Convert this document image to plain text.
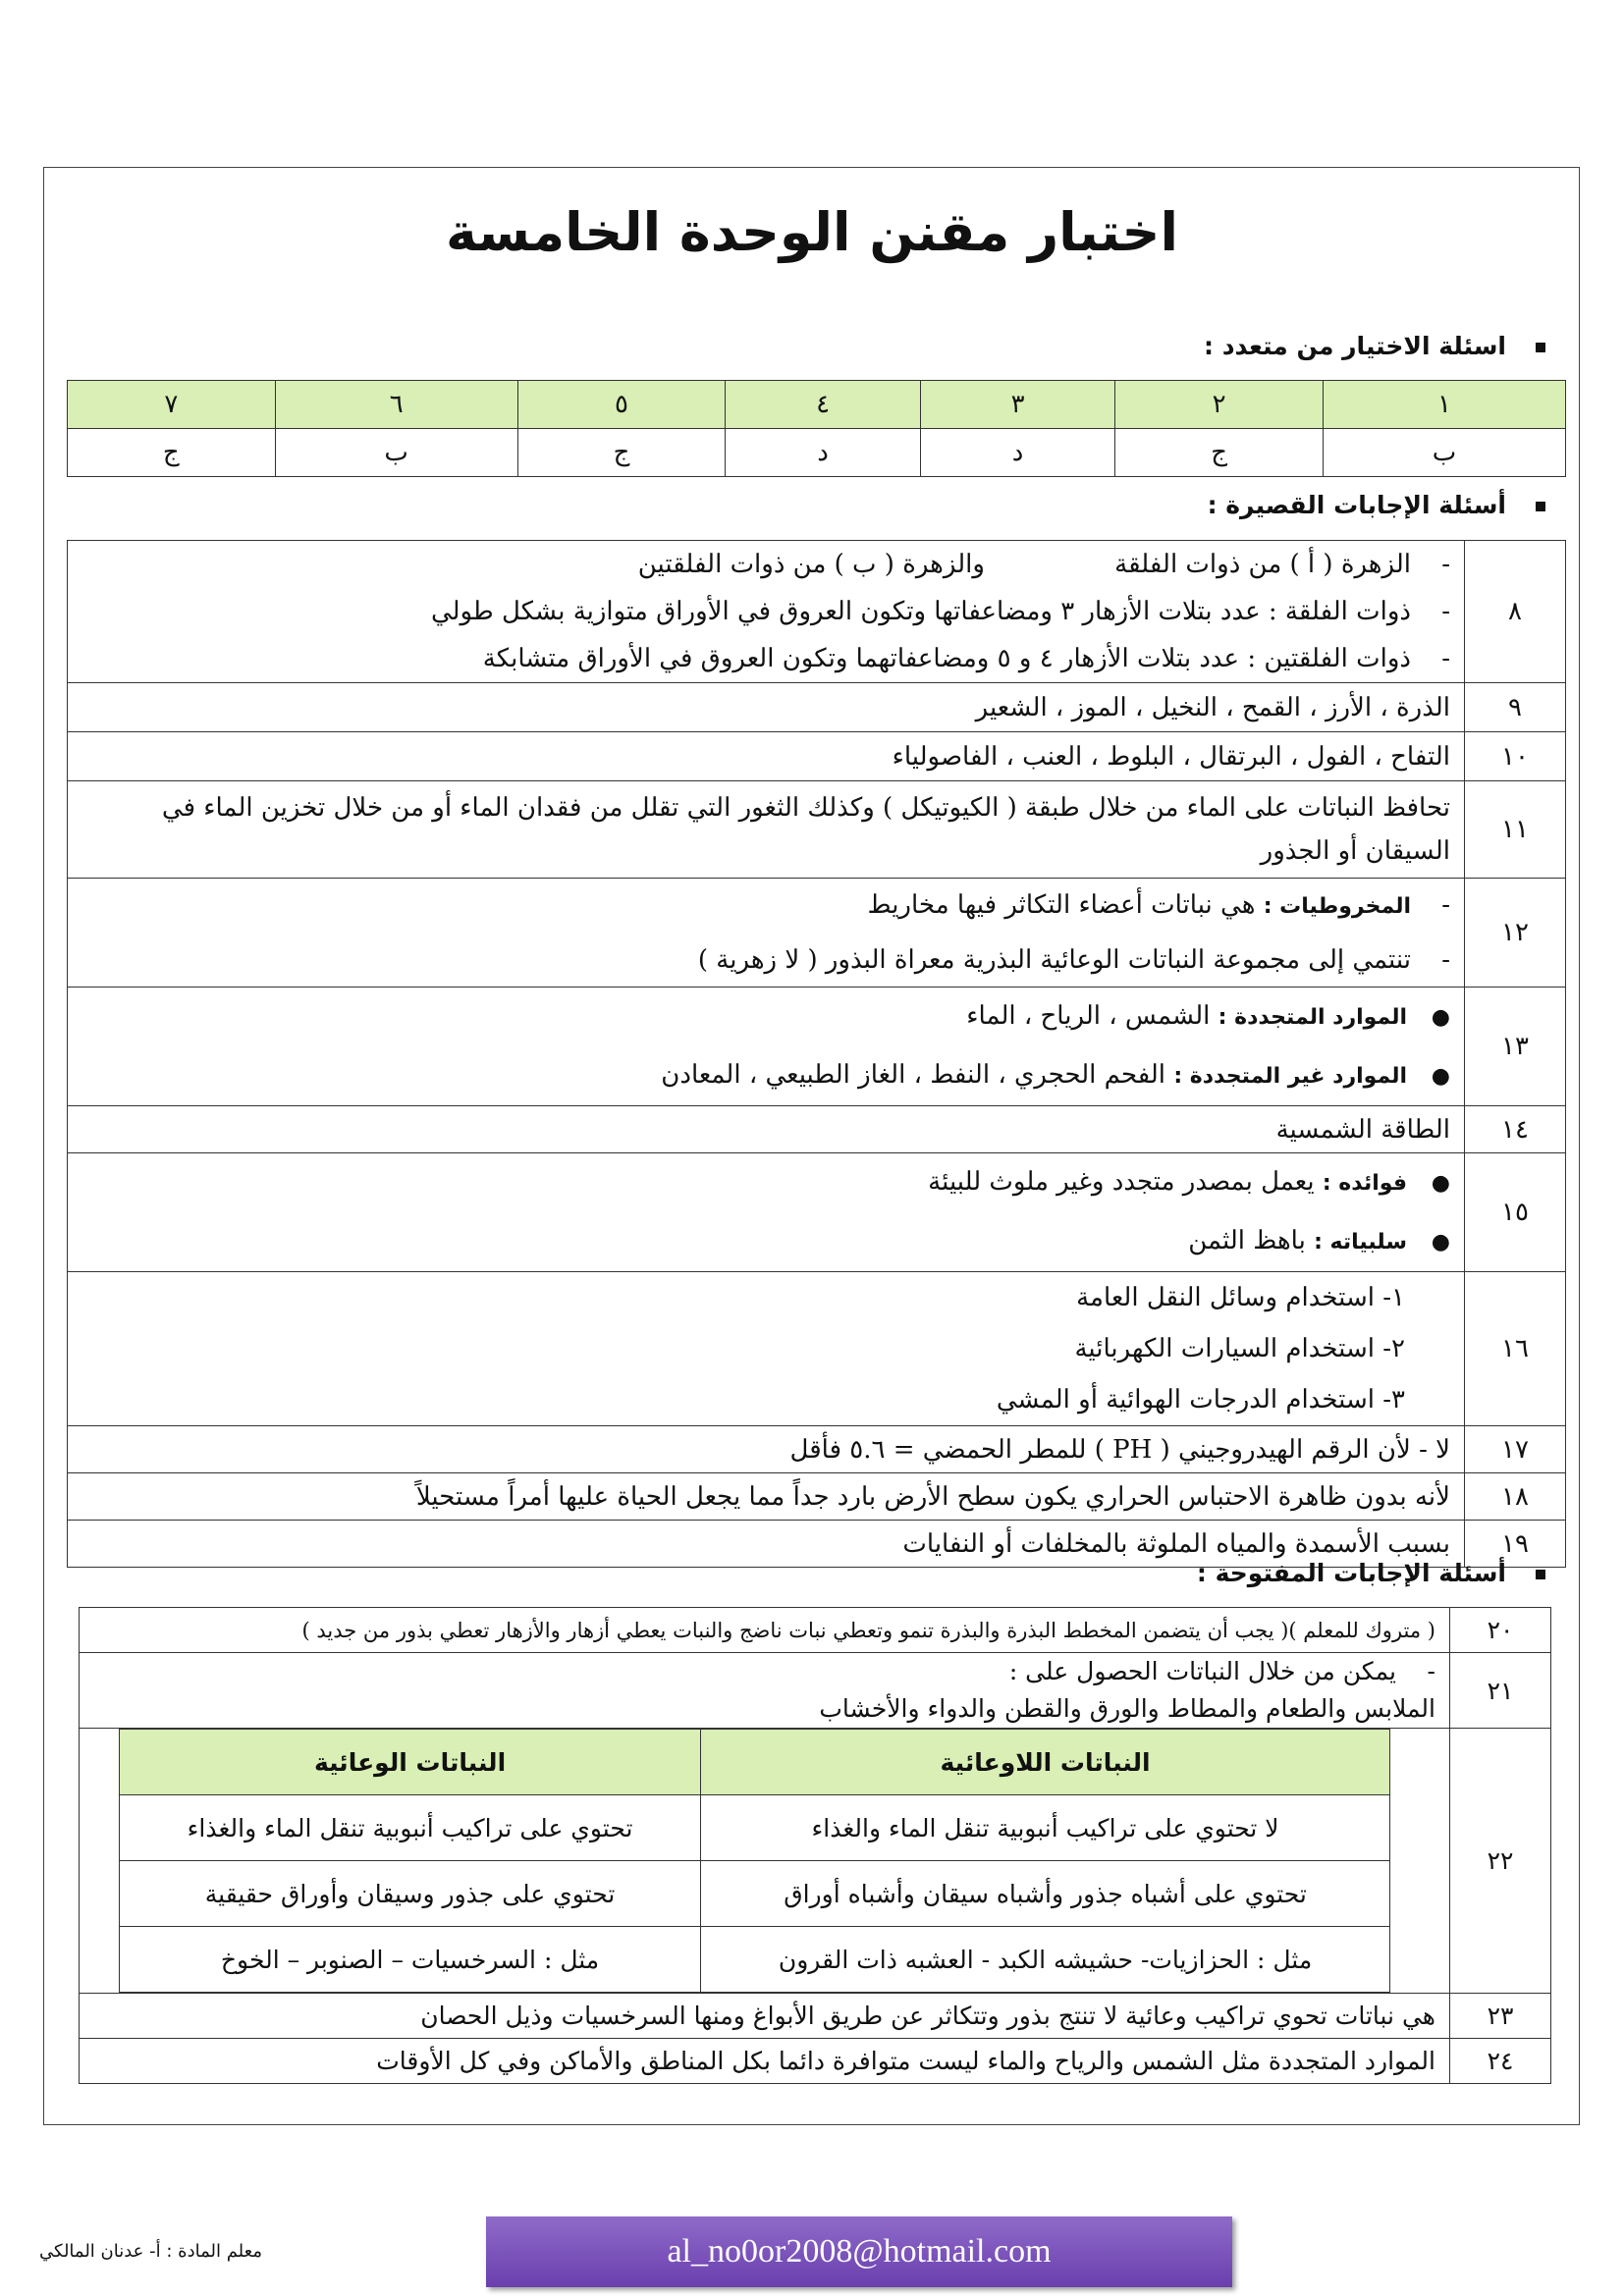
اختبار مقنن الوحدة الخامسة
اسئلة الاختيار من متعدد :
١	٢	٣	٤	٥	٦	٧
ب	ج	د	د	ج	ب	ج
أسئلة الإجابات القصيرة :
٨	-الزهرة ( أ ) من ذوات الفلقة                والزهرة ( ب ) من ذوات الفلقتين
-ذوات الفلقة : عدد بتلات الأزهار ٣ ومضاعفاتها وتكون العروق في الأوراق متوازية بشكل طولي
-ذوات الفلقتين : عدد بتلات الأزهار ٤ و ٥ ومضاعفاتهما وتكون العروق في الأوراق متشابكة

٩	الذرة ، الأرز ، القمح ، النخيل ، الموز ، الشعير
١٠	التفاح ، الفول ، البرتقال ، البلوط ، العنب ، الفاصولياء
١١	تحافظ النباتات على الماء من خلال طبقة ( الكيوتيكل ) وكذلك الثغور التي تقلل من فقدان الماء أو من خلال تخزين الماء في السيقان أو الجذور

١٢	-المخروطيات : هي نباتات أعضاء التكاثر فيها مخاريط
-تنتمي إلى مجموعة النباتات الوعائية البذرية معراة البذور ( لا زهرية )

١٣	●الموارد المتجددة : الشمس ، الرياح ، الماء
●الموارد غير المتجددة : الفحم الحجري ، النفط ، الغاز الطبيعي ، المعادن

١٤	الطاقة الشمسية
١٥	●فوائده : يعمل بمصدر متجدد وغير ملوث للبيئة
●سلبياته : باهظ الثمن

١٦	١- استخدام وسائل النقل العامة
٢- استخدام السيارات الكهربائية
٣- استخدام الدرجات الهوائية أو المشي

١٧	لا - لأن الرقم الهيدروجيني ( PH ) للمطر الحمضي = ٥.٦ فأقل
١٨	لأنه بدون ظاهرة الاحتباس الحراري يكون سطح الأرض بارد جداً مما يجعل الحياة عليها أمراً مستحيلاً
١٩	بسبب الأسمدة والمياه الملوثة بالمخلفات أو النفايات
أسئلة الإجابات المفتوحة :
٢٠	( متروك للمعلم )( يجب أن يتضمن المخطط البذرة والبذرة تنمو وتعطي نبات ناضج والنبات يعطي أزهار والأزهار تعطي بذور من جديد )
٢١	
-يمكن من خلال النباتات الحصول على :
الملابس والطعام والمطاط والورق والقطن والدواء والأخشاب

٢٢	
النباتات اللاوعائية	النباتات الوعائية
لا تحتوي على تراكيب أنبوبية تنقل الماء والغذاء	تحتوي على تراكيب أنبوبية تنقل الماء والغذاء
تحتوي على أشباه جذور وأشباه سيقان وأشباه أوراق	تحتوي على جذور وسيقان وأوراق حقيقية
مثل : الحزازيات- حشيشه الكبد - العشبه ذات القرون	مثل : السرخسيات – الصنوبر – الخوخ

٢٣	هي نباتات تحوي تراكيب وعائية لا تنتج بذور وتتكاثر عن طريق الأبواغ ومنها السرخسيات وذيل الحصان
٢٤	الموارد المتجددة مثل الشمس والرياح والماء ليست متوافرة دائما بكل المناطق والأماكن وفي كل الأوقات
معلم المادة : أ- عدنان المالكي	al_no0or2008@hotmail.com
